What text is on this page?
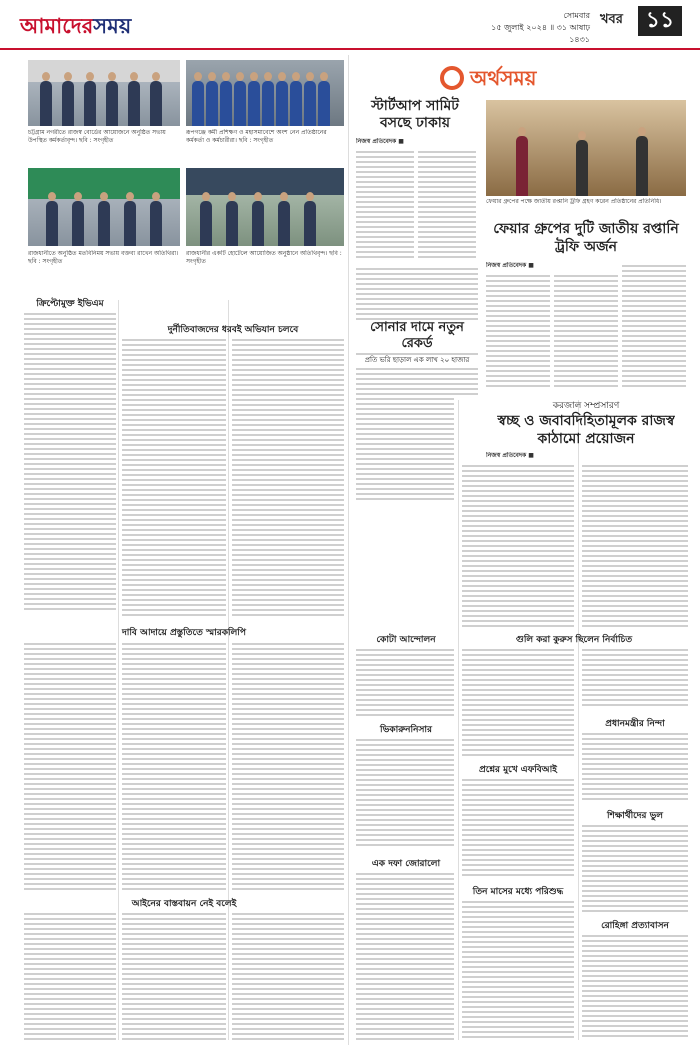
আমাদেরসময়	সোমবার
১৫ জুলাই ২০২৪ ॥ ৩১ আষাঢ় ১৪৩১
খবর	১১
চট্টগ্রাম নগরীতে রাজস্ব বোর্ডের আয়োজনে অনুষ্ঠিত সভায় উপস্থিত কর্মকর্তাবৃন্দ। ছবি : সংগৃহীত
রূপগঞ্জে কর্মী প্রশিক্ষণ ও মহাসমাবেশে অংশ নেন প্রতিষ্ঠানের কর্মকর্তা ও কর্মচারীরা। ছবি : সংগৃহীত
রাজধানীতে অনুষ্ঠিত মতবিনিময় সভায় বক্তব্য রাখেন অতিথিরা। ছবি : সংগৃহীত
রাজধানীর একটি হোটেলে আয়োজিত অনুষ্ঠানে অতিথিবৃন্দ। ছবি : সংগৃহীত
অর্থসময়
স্টার্টআপ সামিট বসছে ঢাকায়
নিজস্ব প্রতিবেদক ■
ফেয়ার গ্রুপের পক্ষে জাতীয় রপ্তানি ট্রফি গ্রহণ করেন প্রতিষ্ঠানের প্রতিনিধি।
ফেয়ার গ্রুপের দুটি জাতীয় রপ্তানি ট্রফি অর্জন
নিজস্ব প্রতিবেদক ■
সোনার দামে নতুন রেকর্ড
প্রতি ভরি ছাড়াল এক লাখ ২০ হাজার
করজাল সম্প্রসারণ
স্বচ্ছ ও জবাবদিহিতামূলক রাজস্ব কাঠামো প্রয়োজন
নিজস্ব প্রতিবেদক ■
ক্রিপ্টোমুক্ত ইভিএম
দুর্নীতিবাজদের ধরবই অভিযান চলবে
দাবি আদায়ে প্রস্তুতিতে স্মারকলিপি
আইনের বাস্তবায়ন নেই বলেই
কোটা আন্দোলন	গুলি করা কুরুস ছিলেন নির্বাচিত
ভিকারুননিসার
প্রধানমন্ত্রীর নিন্দা
প্রশ্নের মুখে এফবিআই
শিক্ষার্থীদের ভুল
এক দফা জোরালো
তিন মাসের মধ্যে পরিশুদ্ধ
রোহিঙ্গা প্রত্যাবাসন
